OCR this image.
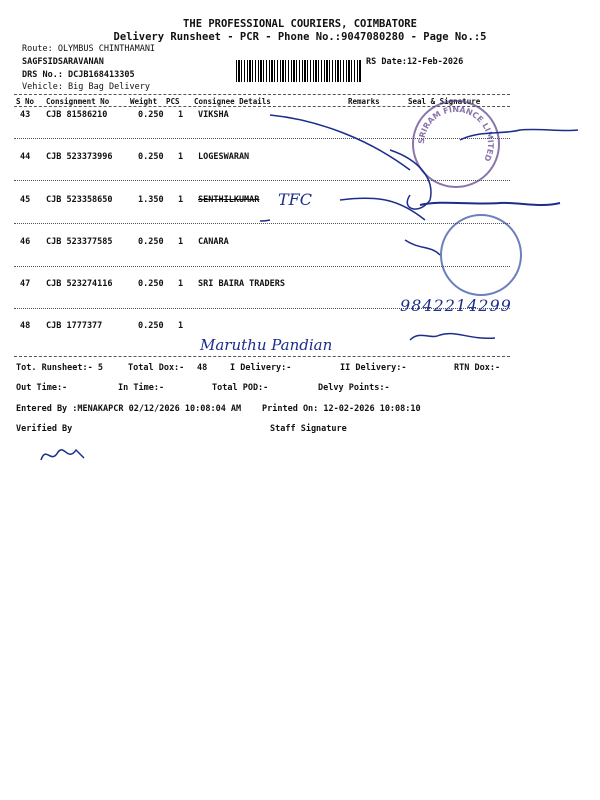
THE PROFESSIONAL COURIERS, COIMBATORE
Delivery Runsheet - PCR - Phone No.:9047080280 - Page No.:5
Route: OLYMBUS CHINTHAMANI
SAGFSIDSARAVANAN
DRS No.: DCJB168413305
Vehicle: Big Bag Delivery
RS Date:12-Feb-2026
S No Consignment No	Weight PCS Consignee Details	Remarks	Seal & Signature
43 CJB 81586210	0.250 1 VIKSHA
44 CJB 523373996	0.250 1 LOGESWARAN
45 CJB 523358650	1.350 1 SENTHILKUMAR
46 CJB 523377585	0.250 1 CANARA
47 CJB 523274116	0.250 1 SRI BAIRA TRADERS
48 CJB 1777377	0.250 1
Tot. Runsheet:- 5	Total Dox:- 48	I Delivery:-	II Delivery:-	RTN Dox:-
Out Time:-	In Time:-	Total POD:-	Delvy Points:-
Entered By :MENAKAPCR 02/12/2026 10:08:04 AM Printed On: 12-02-2026 10:08:10
Verified By	Staff Signature
SRIRAM FINANCE LIMITED
TFC
9842214299
Maruthu Pandian
